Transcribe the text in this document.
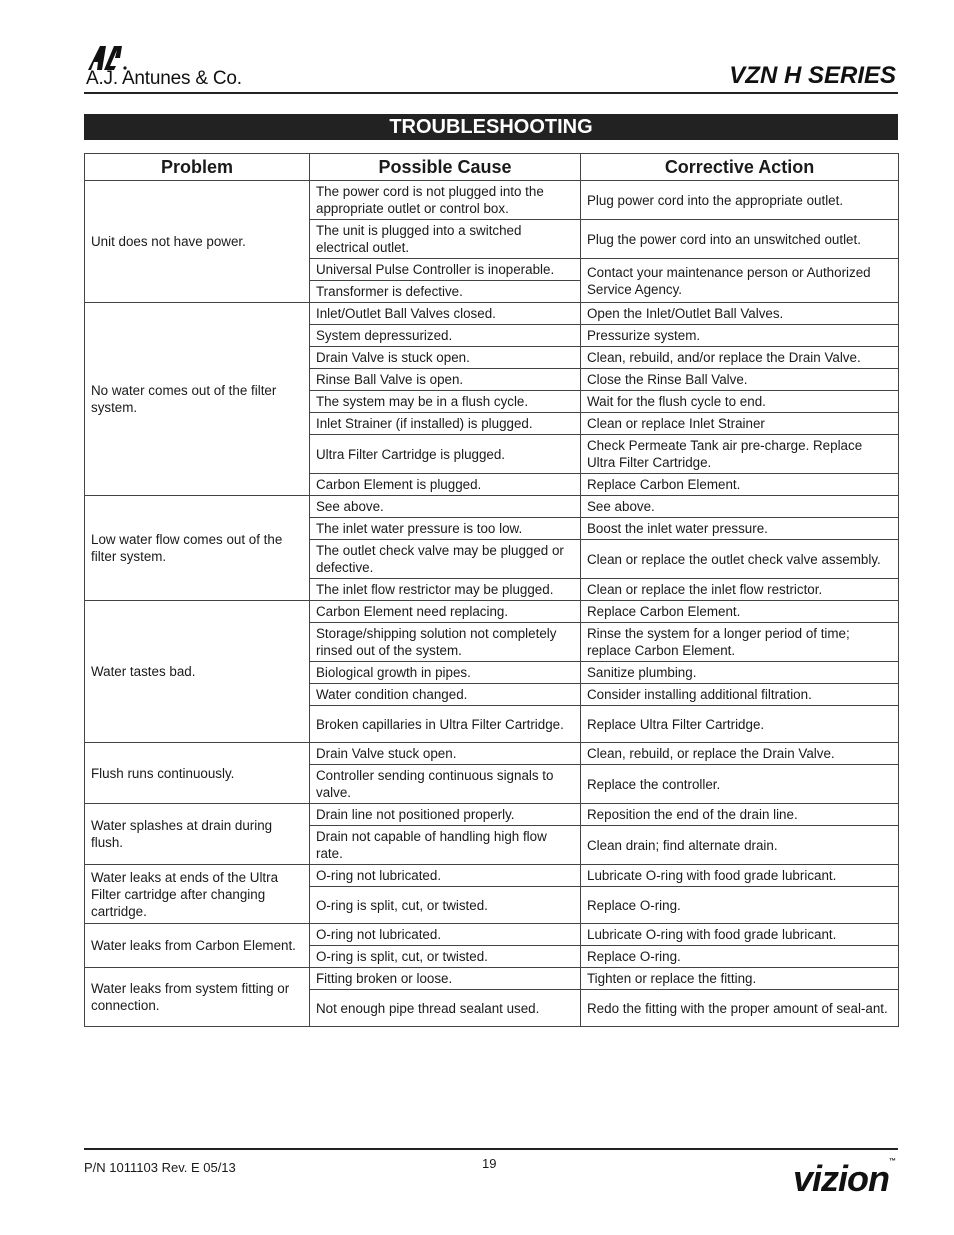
A.J. Antunes & Co.	VZN H SERIES
TROUBLESHOOTING
Problem	Possible Cause	Corrective Action
Unit does not have power.	The power cord is not plugged into the appropriate outlet or control box.	Plug power cord into the appropriate outlet.
	The unit is plugged into a switched electrical outlet.	Plug the power cord into an unswitched outlet.
	Universal Pulse Controller is inoperable.	Contact your maintenance person or Authorized Service Agency.
	Transformer is defective.	
No water comes out of the filter system.	Inlet/Outlet Ball Valves closed.	Open the Inlet/Outlet Ball Valves.
	System depressurized.	Pressurize system.
	Drain Valve is stuck open.	Clean, rebuild, and/or replace the Drain Valve.
	Rinse Ball Valve is open.	Close the Rinse Ball Valve.
	The system may be in a flush cycle.	Wait for the flush cycle to end.
	Inlet Strainer (if installed) is plugged.	Clean or replace Inlet Strainer
	Ultra Filter Cartridge is plugged.	Check Permeate Tank air pre-charge. Replace Ultra Filter Cartridge.
	Carbon Element is plugged.	Replace Carbon Element.
Low water flow comes out of the filter system.	See above.	See above.
	The inlet water pressure is too low.	Boost the inlet water pressure.
	The outlet check valve may be plugged or defective.	Clean or replace the outlet check valve assembly.
	The inlet flow restrictor may be plugged.	Clean or replace the inlet flow restrictor.
Water tastes bad.	Carbon Element need replacing.	Replace Carbon Element.
	Storage/shipping solution not completely rinsed out of the system.	Rinse the system for a longer period of time; replace Carbon Element.
	Biological growth in pipes.	Sanitize plumbing.
	Water condition changed.	Consider installing additional filtration.
	Broken capillaries in Ultra Filter Cartridge.	Replace Ultra Filter Cartridge.
Flush runs continuously.	Drain Valve stuck open.	Clean, rebuild, or replace the Drain Valve.
	Controller sending continuous signals to valve.	Replace the controller.
Water splashes at drain during flush.	Drain line not positioned properly.	Reposition the end of the drain line.
	Drain not capable of handling high flow rate.	Clean drain; find alternate drain.
Water leaks at ends of the Ultra Filter cartridge after changing cartridge.	O-ring not lubricated.	Lubricate O-ring with food grade lubricant.
	O-ring is split, cut, or twisted.	Replace O-ring.
Water leaks from Carbon Element.	O-ring not lubricated.	Lubricate O-ring with food grade lubricant.
	O-ring is split, cut, or twisted.	Replace O-ring.
Water leaks from system fitting or connection.	Fitting broken or loose.	Tighten or replace the fitting.
	Not enough pipe thread sealant used.	Redo the fitting with the proper amount of seal-ant.
P/N 1011103 Rev. E 05/13	19	vizion™
